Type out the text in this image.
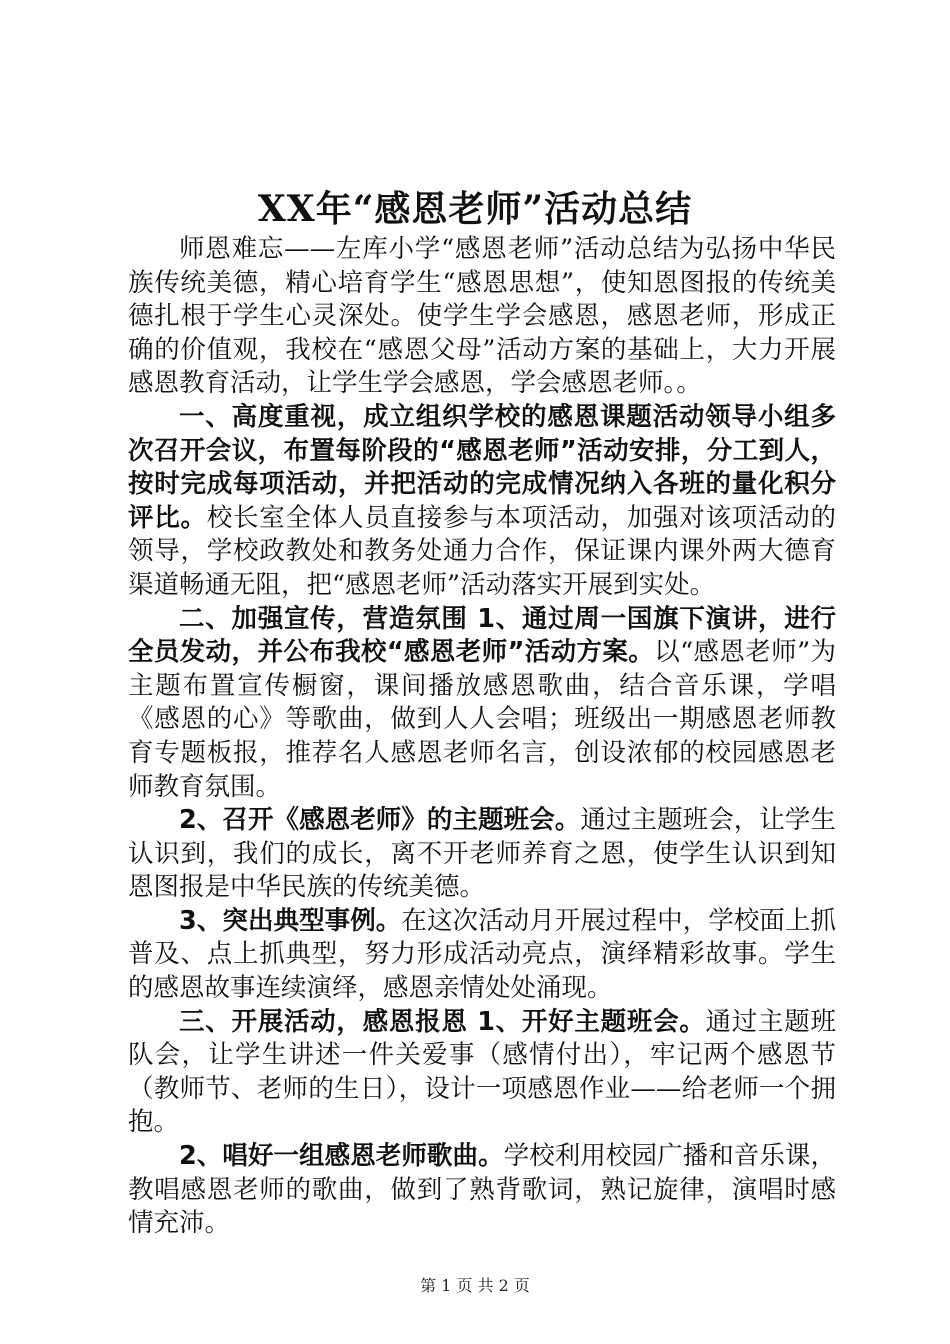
XX年“感恩老师”活动总结

师恩难忘——左库小学“感恩老师”活动总结为弘扬中华民族传统美德，精心培育学生“感恩思想”，使知恩图报的传统美德扎根于学生心灵深处。使学生学会感恩，感恩老师，形成正确的价值观，我校在“感恩父母”活动方案的基础上，大力开展感恩教育活动，让学生学会感恩，学会感恩老师。。

一、高度重视，成立组织学校的感恩课题活动领导小组多次召开会议，布置每阶段的“感恩老师”活动安排，分工到人，按时完成每项活动，并把活动的完成情况纳入各班的量化积分评比。校长室全体人员直接参与本项活动，加强对该项活动的领导，学校政教处和教务处通力合作，保证课内课外两大德育渠道畅通无阻，把“感恩老师”活动落实开展到实处。

二、加强宣传，营造氛围 1、通过周一国旗下演讲，进行全员发动，并公布我校“感恩老师”活动方案。以“感恩老师”为主题布置宣传橱窗，课间播放感恩歌曲，结合音乐课，学唱《感恩的心》等歌曲，做到人人会唱；班级出一期感恩老师教育专题板报，推荐名人感恩老师名言，创设浓郁的校园感恩老师教育氛围。

2、召开《感恩老师》的主题班会。通过主题班会，让学生认识到，我们的成长，离不开老师养育之恩，使学生认识到知恩图报是中华民族的传统美德。

3、突出典型事例。在这次活动月开展过程中，学校面上抓普及、点上抓典型，努力形成活动亮点，演绎精彩故事。学生的感恩故事连续演绎，感恩亲情处处涌现。

三、开展活动，感恩报恩 1、开好主题班会。通过主题班队会，让学生讲述一件关爱事（感情付出），牢记两个感恩节（教师节、老师的生日），设计一项感恩作业——给老师一个拥抱。

2、唱好一组感恩老师歌曲。学校利用校园广播和音乐课，教唱感恩老师的歌曲，做到了熟背歌词，熟记旋律，演唱时感情充沛。

第 1 页 共 2 页
